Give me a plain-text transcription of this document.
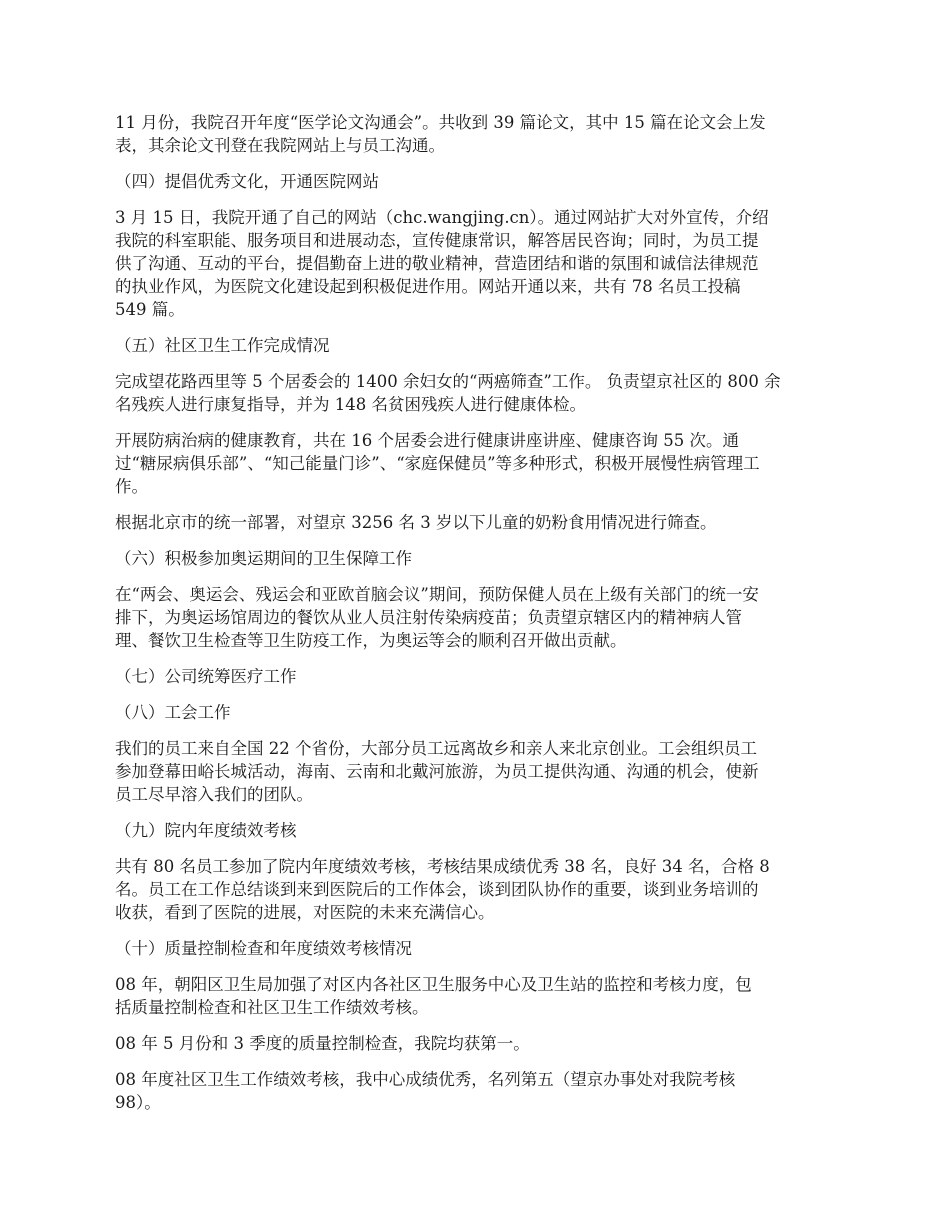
11 月份，我院召开年度“医学论文沟通会”。共收到 39 篇论文，其中 15 篇在论文会上发
表，其余论文刊登在我院网站上与员工沟通。

（四）提倡优秀文化，开通医院网站

3 月 15 日，我院开通了自己的网站（chc.wangjing.cn）。通过网站扩大对外宣传，介绍
我院的科室职能、服务项目和进展动态，宣传健康常识，解答居民咨询；同时，为员工提
供了沟通、互动的平台，提倡勤奋上进的敬业精神，营造团结和谐的氛围和诚信法律规范
的执业作风，为医院文化建设起到积极促进作用。网站开通以来，共有 78 名员工投稿
549 篇。

（五）社区卫生工作完成情况

完成望花路西里等 5 个居委会的 1400 余妇女的“两癌筛查”工作。 负责望京社区的 800 余
名残疾人进行康复指导，并为 148 名贫困残疾人进行健康体检。

开展防病治病的健康教育，共在 16 个居委会进行健康讲座讲座、健康咨询 55 次。通
过“糖尿病俱乐部”、“知己能量门诊”、“家庭保健员”等多种形式，积极开展慢性病管理工
作。

根据北京市的统一部署，对望京 3256 名 3 岁以下儿童的奶粉食用情况进行筛查。

（六）积极参加奥运期间的卫生保障工作

在“两会、奥运会、残运会和亚欧首脑会议”期间，预防保健人员在上级有关部门的统一安
排下，为奥运场馆周边的餐饮从业人员注射传染病疫苗；负责望京辖区内的精神病人管
理、餐饮卫生检查等卫生防疫工作，为奥运等会的顺利召开做出贡献。

（七）公司统筹医疗工作

（八）工会工作

我们的员工来自全国 22 个省份，大部分员工远离故乡和亲人来北京创业。工会组织员工
参加登幕田峪长城活动，海南、云南和北戴河旅游，为员工提供沟通、沟通的机会，使新
员工尽早溶入我们的团队。

（九）院内年度绩效考核

共有 80 名员工参加了院内年度绩效考核，考核结果成绩优秀 38 名，良好 34 名，合格 8
名。员工在工作总结谈到来到医院后的工作体会，谈到团队协作的重要，谈到业务培训的
收获，看到了医院的进展，对医院的未来充满信心。

（十）质量控制检查和年度绩效考核情况

08 年，朝阳区卫生局加强了对区内各社区卫生服务中心及卫生站的监控和考核力度，包
括质量控制检查和社区卫生工作绩效考核。

08 年 5 月份和 3 季度的质量控制检查，我院均获第一。

08 年度社区卫生工作绩效考核，我中心成绩优秀，名列第五（望京办事处对我院考核
98）。
